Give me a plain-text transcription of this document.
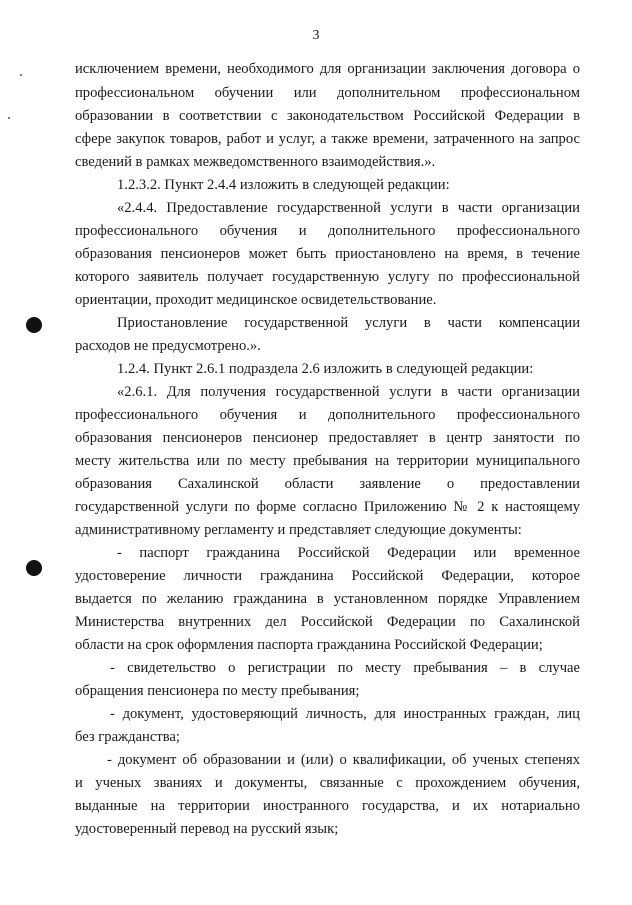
3
исключением времени, необходимого для организации заключения договора о
профессиональном обучении или дополнительном профессиональном
образовании в соответствии с законодательством Российской Федерации в
сфере закупок товаров, работ и услуг, а также времени, затраченного на запрос
сведений в рамках межведомственного взаимодействия.».
1.2.3.2. Пункт 2.4.4 изложить в следующей редакции:
«2.4.4. Предоставление государственной услуги в части организации
профессионального обучения и дополнительного профессионального
образования пенсионеров может быть приостановлено на время, в течение
которого заявитель получает государственную услугу по профессиональной
ориентации, проходит медицинское освидетельствование.
Приостановление государственной услуги в части компенсации
расходов не предусмотрено.».
1.2.4. Пункт 2.6.1 подраздела 2.6 изложить в следующей редакции:
«2.6.1. Для получения государственной услуги в части организации
профессионального обучения и дополнительного профессионального
образования пенсионеров пенсионер предоставляет в центр занятости по
месту жительства или по месту пребывания на территории муниципального
образования Сахалинской области заявление о предоставлении
государственной услуги по форме согласно Приложению № 2 к настоящему
административному регламенту и представляет следующие документы:
- паспорт гражданина Российской Федерации или временное
удостоверение личности гражданина Российской Федерации, которое
выдается по желанию гражданина в установленном порядке Управлением
Министерства внутренних дел Российской Федерации по Сахалинской
области на срок оформления паспорта гражданина Российской Федерации;
- свидетельство о регистрации по месту пребывания – в случае
обращения пенсионера по месту пребывания;
- документ, удостоверяющий личность, для иностранных граждан, лиц
без гражданства;
- документ об образовании и (или) о квалификации, об ученых степенях
и ученых званиях и документы, связанные с прохождением обучения,
выданные на территории иностранного государства, и их нотариально
удостоверенный перевод на русский язык;
